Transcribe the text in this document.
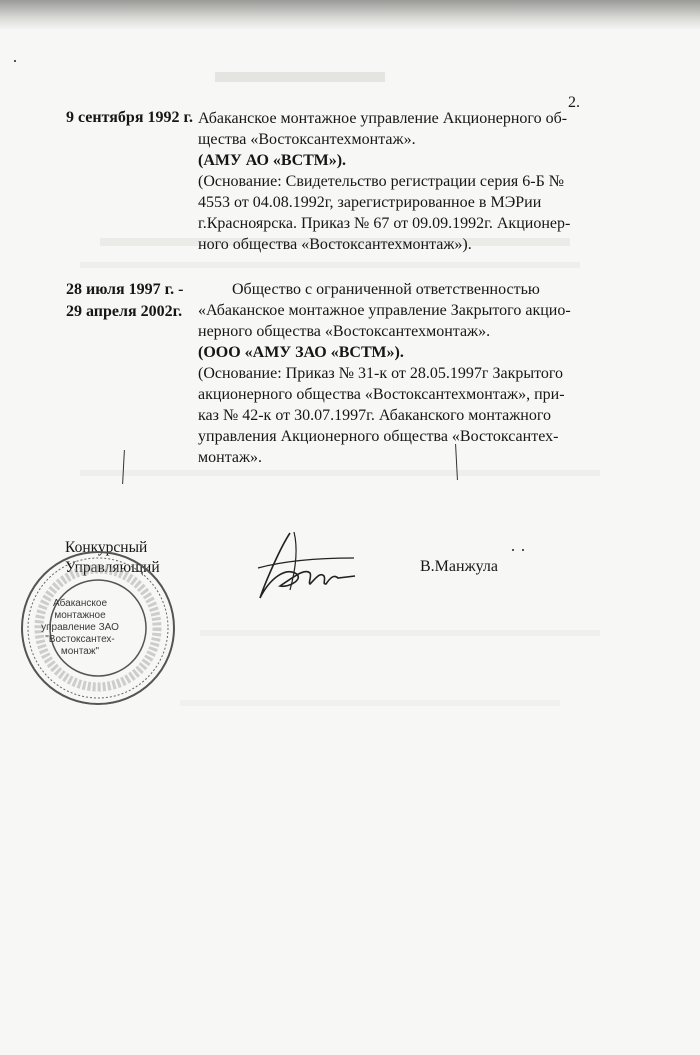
2.
9 сентября 1992 г. Абаканское монтажное управление Акционерного об-
щества «Востоксантехмонтаж».
(АМУ АО «ВСТМ»).
(Основание: Свидетельство регистрации серия 6-Б №
4553 от 04.08.1992г, зарегистрированное в МЭРии
г.Красноярска. Приказ № 67 от 09.09.1992г. Акционер-
ного общества «Востоксантехмонтаж»).
28 июля 1997 г. -
29 апреля 2002г.
Общество с ограниченной ответственностью
«Абаканское монтажное управление Закрытого акцио-
нерного общества «Востоксантехмонтаж».
(ООО «АМУ ЗАО «ВСТМ»).
(Основание: Приказ № 31-к от 28.05.1997г Закрытого
акционерного общества «Востоксантехмонтаж», при-
каз № 42-к от 30.07.1997г. Абаканского монтажного
управления Акционерного общества «Востоксантех-
монтаж».
Конкурсный
Управляющий	В.Манжула
Абаканское
монтажное
управление ЗАО
"Востоксантех-
монтаж"
